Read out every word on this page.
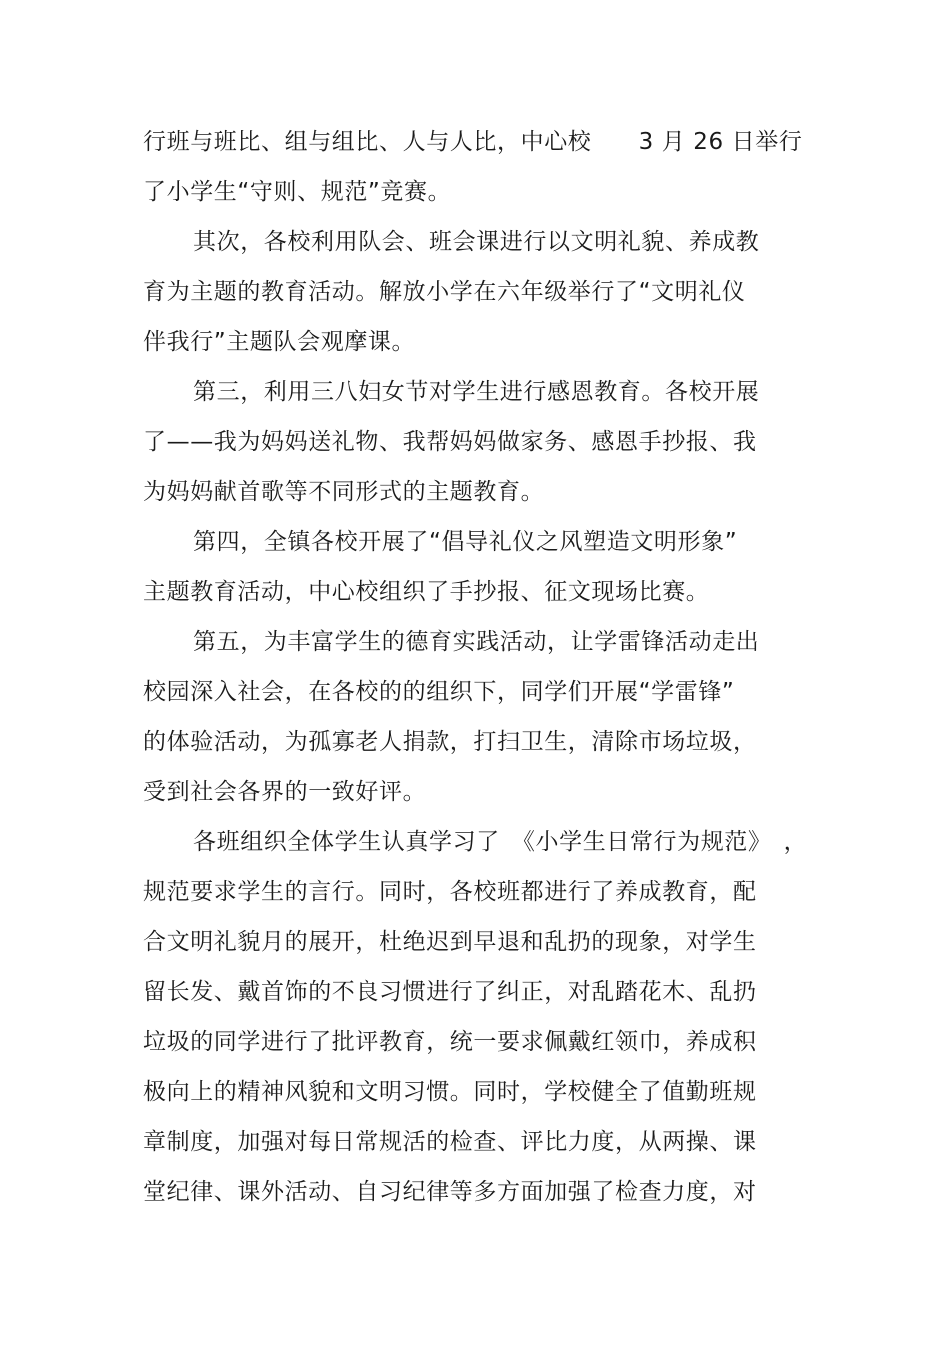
行班与班比、组与组比、人与人比，中心校　　3 月 26 日举行
了小学生“守则、规范”竞赛。
其次，各校利用队会、班会课进行以文明礼貌、养成教
育为主题的教育活动。解放小学在六年级举行了“文明礼仪
伴我行”主题队会观摩课。
第三，利用三八妇女节对学生进行感恩教育。各校开展
了——我为妈妈送礼物、我帮妈妈做家务、感恩手抄报、我
为妈妈献首歌等不同形式的主题教育。
第四，全镇各校开展了“倡导礼仪之风塑造文明形象”
主题教育活动，中心校组织了手抄报、征文现场比赛。
第五，为丰富学生的德育实践活动，让学雷锋活动走出
校园深入社会，在各校的的组织下，同学们开展“学雷锋”
的体验活动，为孤寡老人捐款，打扫卫生，清除市场垃圾，
受到社会各界的一致好评。
各班组织全体学生认真学习了　《小学生日常行为规范》　，
规范要求学生的言行。同时，各校班都进行了养成教育，配
合文明礼貌月的展开，杜绝迟到早退和乱扔的现象，对学生
留长发、戴首饰的不良习惯进行了纠正，对乱踏花木、乱扔
垃圾的同学进行了批评教育，统一要求佩戴红领巾，养成积
极向上的精神风貌和文明习惯。同时，学校健全了值勤班规
章制度，加强对每日常规活的检查、评比力度，从两操、课
堂纪律、课外活动、自习纪律等多方面加强了检查力度，对
